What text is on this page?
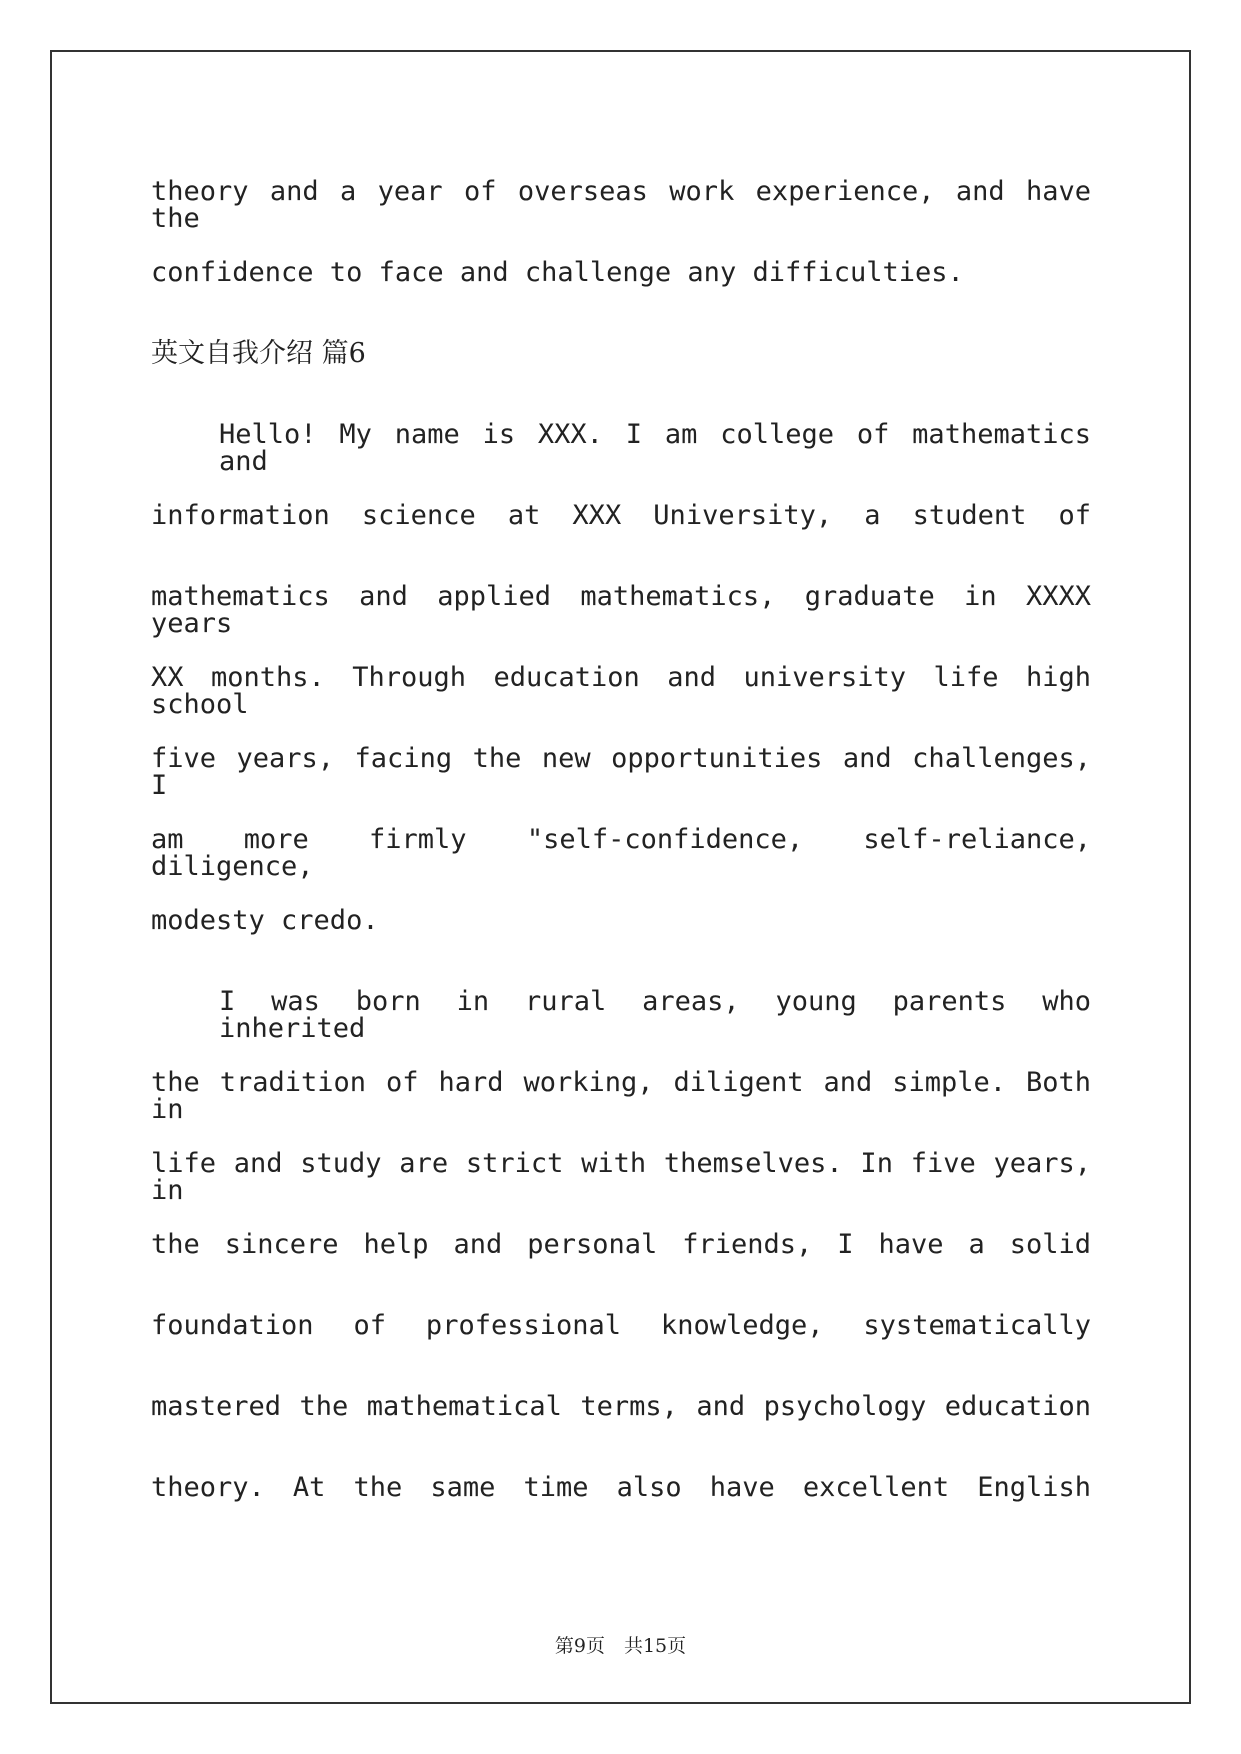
theory and a year of overseas work experience, and have the
confidence to face and challenge any difficulties.
英文自我介绍 篇6
Hello! My name is XXX. I am college of mathematics and
information science at XXX University, a student of
mathematics and applied mathematics, graduate in XXXX years
XX months. Through education and university life high school
five years, facing the new opportunities and challenges, I
am more firmly "self-confidence, self-reliance, diligence,
modesty credo.
I was born in rural areas, young parents who inherited
the tradition of hard working, diligent and simple. Both in
life and study are strict with themselves. In five years, in
the sincere help and personal friends, I have a solid
foundation of professional knowledge, systematically
mastered the mathematical terms, and psychology education
theory. At the same time also have excellent English
第9页　共15页
